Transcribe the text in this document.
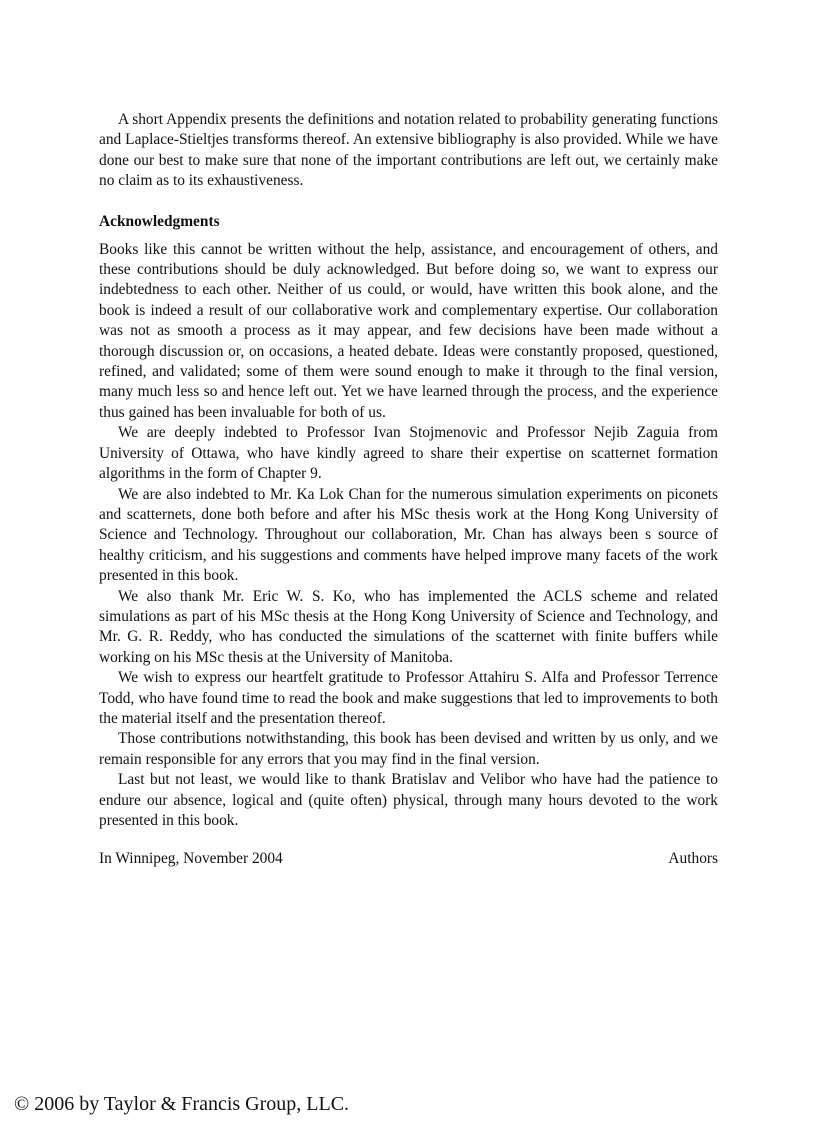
A short Appendix presents the definitions and notation related to probability generating functions and Laplace-Stieltjes transforms thereof. An extensive bibliography is also provided. While we have done our best to make sure that none of the important contributions are left out, we certainly make no claim as to its exhaustiveness.

Acknowledgments

Books like this cannot be written without the help, assistance, and encouragement of others, and these contributions should be duly acknowledged. But before doing so, we want to express our indebtedness to each other. Neither of us could, or would, have written this book alone, and the book is indeed a result of our collaborative work and complementary expertise. Our collaboration was not as smooth a process as it may appear, and few decisions have been made without a thorough discussion or, on occasions, a heated debate. Ideas were constantly proposed, questioned, refined, and validated; some of them were sound enough to make it through to the final version, many much less so and hence left out. Yet we have learned through the process, and the experience thus gained has been invaluable for both of us.

We are deeply indebted to Professor Ivan Stojmenovic and Professor Nejib Zaguia from University of Ottawa, who have kindly agreed to share their expertise on scatternet formation algorithms in the form of Chapter 9.

We are also indebted to Mr. Ka Lok Chan for the numerous simulation experiments on piconets and scatternets, done both before and after his MSc thesis work at the Hong Kong University of Science and Technology. Throughout our collaboration, Mr. Chan has always been s source of healthy criticism, and his suggestions and comments have helped improve many facets of the work presented in this book.

We also thank Mr. Eric W. S. Ko, who has implemented the ACLS scheme and related simulations as part of his MSc thesis at the Hong Kong University of Science and Technology, and Mr. G. R. Reddy, who has conducted the simulations of the scatternet with finite buffers while working on his MSc thesis at the University of Manitoba.

We wish to express our heartfelt gratitude to Professor Attahiru S. Alfa and Professor Terrence Todd, who have found time to read the book and make suggestions that led to improvements to both the material itself and the presentation thereof.

Those contributions notwithstanding, this book has been devised and written by us only, and we remain responsible for any errors that you may find in the final version.

Last but not least, we would like to thank Bratislav and Velibor who have had the patience to endure our absence, logical and (quite often) physical, through many hours devoted to the work presented in this book.

In Winnipeg, November 2004	Authors
© 2006 by Taylor & Francis Group, LLC.
